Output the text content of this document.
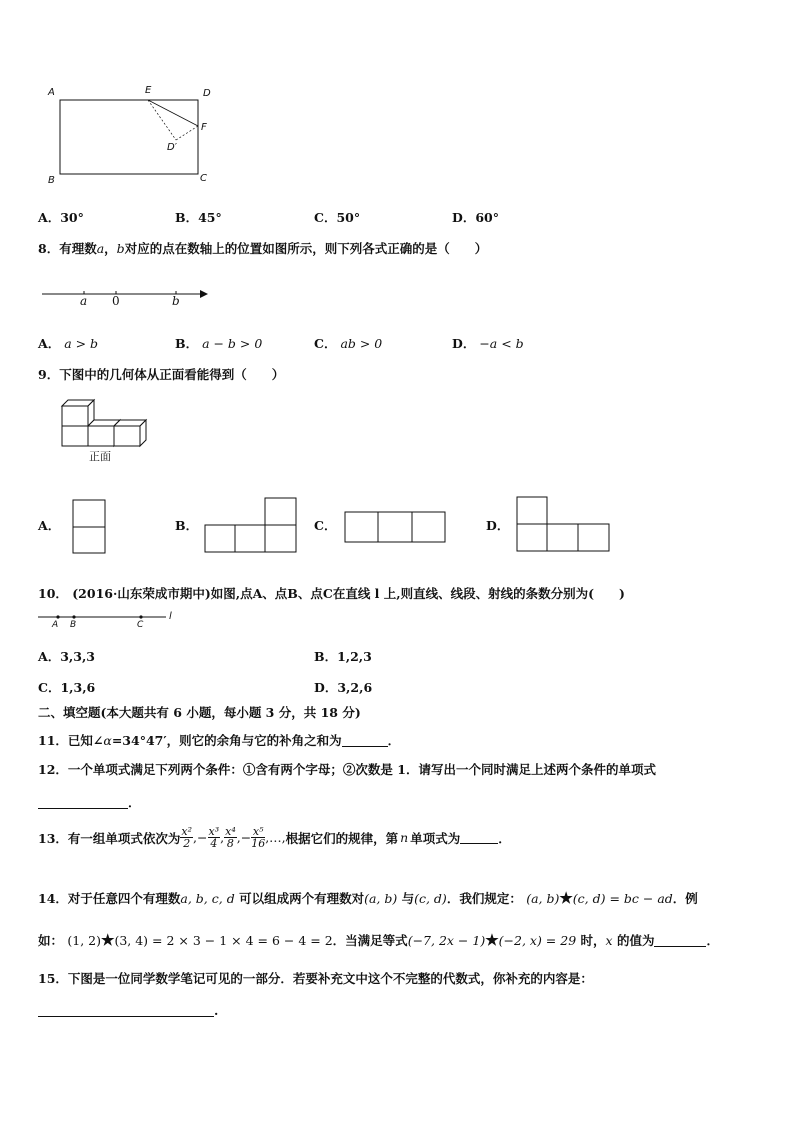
A	E	D
F
D′
B	C
A．30°	B．45°	C．50°	D．60°
8．有理数a，b对应的点在数轴上的位置如图所示，则下列各式正确的是（　　）
a 0	b
A． a > b	B． a − b > 0	C． ab > 0	D． −a < b
9．下图中的几何体从正面看能得到（　　）
正面
A．	B．	C．	D．
10． (2016·山东荣成市期中)如图,点A、点B、点C在直线 l 上,则直线、线段、射线的条数分别为(　　)
A B	C
l
A．3,3,3	B．1,2,3
C．1,3,6	D．3,2,6
二、填空题(本大题共有 6 小题，每小题 3 分，共 18 分)
11．已知∠α=34°47′，则它的余角与它的补角之和为	．
12．一个单项式满足下列两个条件：①含有两个字母；②次数是 1．请写出一个同时满足上述两个条件的单项式
．
13．有一组单项式依次为 $\frac{\text{x²}}{2}$ , − $\frac{\text{x³}}{4}$ , $\frac{\text{x⁴}}{8}$ , − $\frac{\text{x⁵}}{16}$ ,…, 根据它们的规律，第 n 单项式为	．
14．对于任意四个有理数a, b, c, d 可以组成两个有理数对(a, b) 与(c, d)．我们规定： (a, b)★(c, d) = bc − ad．例
如： (1, 2)★(3, 4) = 2 × 3 − 1 × 4 = 6 − 4 = 2．当满足等式(−7, 2x − 1)★(−2, x) = 29 时，x 的值为	．
15．下图是一位同学数学笔记可见的一部分．若要补充文中这个不完整的代数式，你补充的内容是：
.
